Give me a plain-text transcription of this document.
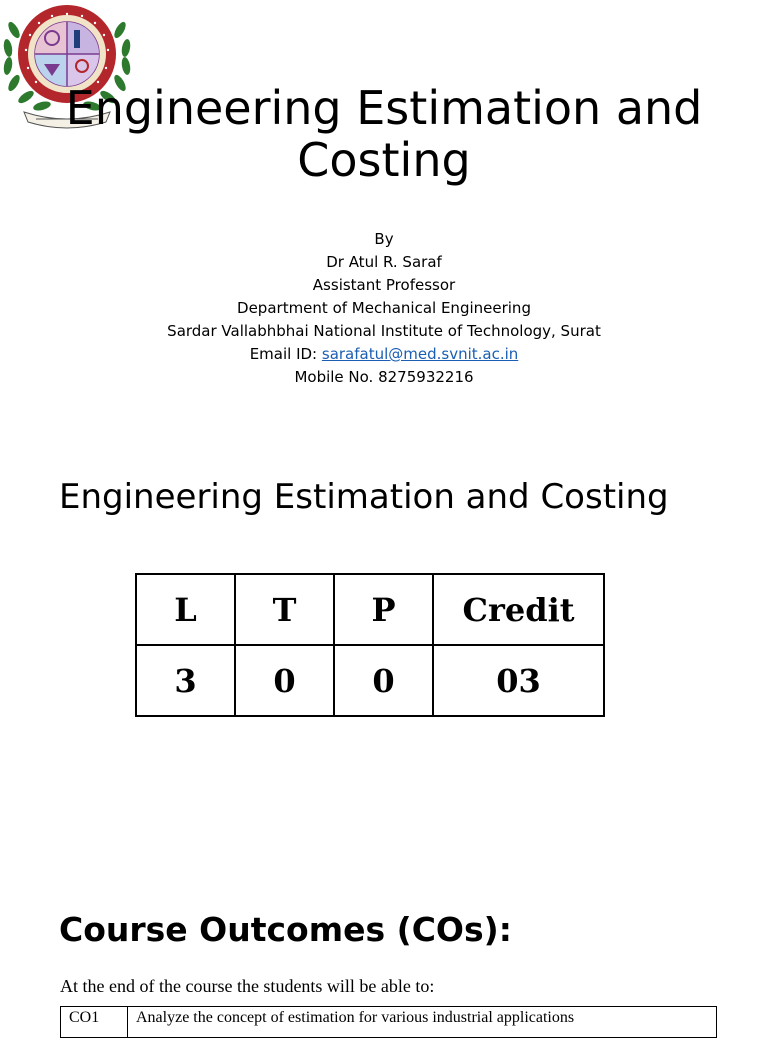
Engineering Estimation and
Costing
By
Dr Atul R. Saraf
Assistant Professor
Department of Mechanical Engineering
Sardar Vallabhbhai National Institute of Technology, Surat
Email ID: sarafatul@med.svnit.ac.in
Mobile No. 8275932216
Engineering Estimation and Costing
L	T	P	Credit
3	0	0	03
Course Outcomes (COs):
At the end of the course the students will be able to:
CO1	Analyze the concept of estimation for various industrial applications
